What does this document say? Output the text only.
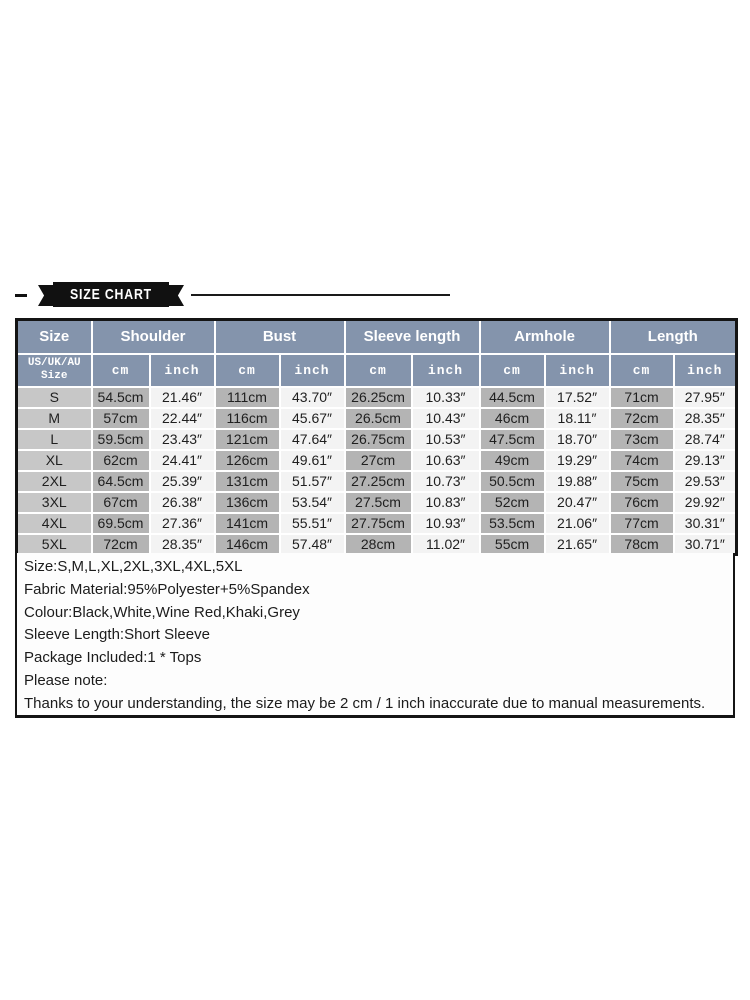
SIZE CHART
Size	Shoulder		Bust		Sleeve length		Armhole		Length	
US/UK/AU
Size	cm	inch	cm	inch	cm	inch	cm	inch	cm	inch
S	54.5cm	21.46″	111cm	43.70″	26.25cm	10.33″	44.5cm	17.52″	71cm	27.95″
M	57cm	22.44″	116cm	45.67″	26.5cm	10.43″	46cm	18.11″	72cm	28.35″
L	59.5cm	23.43″	121cm	47.64″	26.75cm	10.53″	47.5cm	18.70″	73cm	28.74″
XL	62cm	24.41″	126cm	49.61″	27cm	10.63″	49cm	19.29″	74cm	29.13″
2XL	64.5cm	25.39″	131cm	51.57″	27.25cm	10.73″	50.5cm	19.88″	75cm	29.53″
3XL	67cm	26.38″	136cm	53.54″	27.5cm	10.83″	52cm	20.47″	76cm	29.92″
4XL	69.5cm	27.36″	141cm	55.51″	27.75cm	10.93″	53.5cm	21.06″	77cm	30.31″
5XL	72cm	28.35″	146cm	57.48″	28cm	11.02″	55cm	21.65″	78cm	30.71″
Size:S,M,L,XL,2XL,3XL,4XL,5XL
Fabric Material:95%Polyester+5%Spandex
Colour:Black,White,Wine Red,Khaki,Grey
Sleeve Length:Short Sleeve
Package Included:1 * Tops
Please note:
Thanks to your understanding, the size may be 2 cm / 1 inch inaccurate due to manual measurements.
